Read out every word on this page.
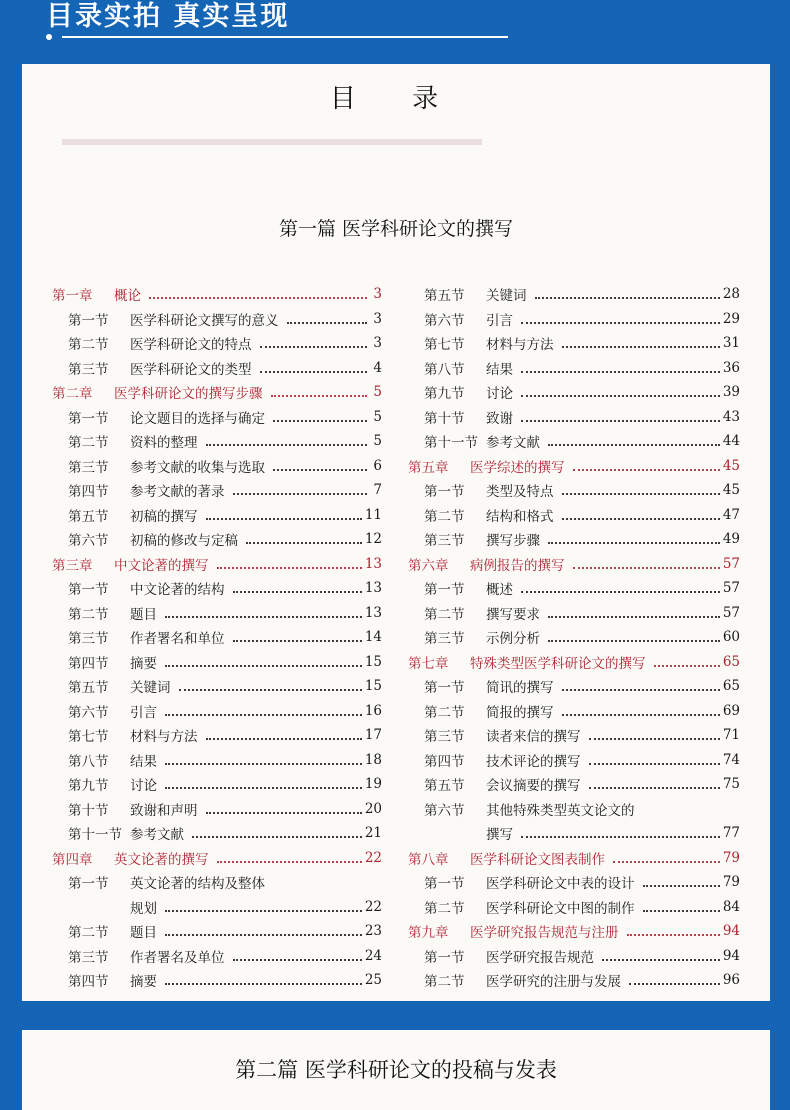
目录实拍 真实呈现
目 录
第一篇 医学科研论文的撰写
第一章	概论	3
第一节	医学科研论文撰写的意义	3
第二节	医学科研论文的特点	3
第三节	医学科研论文的类型	4
第二章	医学科研论文的撰写步骤	5
第一节	论文题目的选择与确定	5
第二节	资料的整理	5
第三节	参考文献的收集与选取	6
第四节	参考文献的著录	7
第五节	初稿的撰写	11
第六节	初稿的修改与定稿	12
第三章	中文论著的撰写	13
第一节	中文论著的结构	13
第二节	题目	13
第三节	作者署名和单位	14
第四节	摘要	15
第五节	关键词	15
第六节	引言	16
第七节	材料与方法	17
第八节	结果	18
第九节	讨论	19
第十节	致谢和声明	20
第十一节 参考文献	21
第四章	英文论著的撰写	22
第一节	英文论著的结构及整体
规划	22
第二节	题目	23
第三节	作者署名及单位	24
第四节	摘要	25
第五节	关键词	28
第六节	引言	29
第七节	材料与方法	31
第八节	结果	36
第九节	讨论	39
第十节	致谢	43
第十一节 参考文献	44
第五章	医学综述的撰写	45
第一节	类型及特点	45
第二节	结构和格式	47
第三节	撰写步骤	49
第六章	病例报告的撰写	57
第一节	概述	57
第二节	撰写要求	57
第三节	示例分析	60
第七章	特殊类型医学科研论文的撰写	65
第一节	简讯的撰写	65
第二节	简报的撰写	69
第三节	读者来信的撰写	71
第四节	技术评论的撰写	74
第五节	会议摘要的撰写	75
第六节	其他特殊类型英文论文的
撰写	77
第八章	医学科研论文图表制作	79
第一节	医学科研论文中表的设计	79
第二节	医学科研论文中图的制作	84
第九章	医学研究报告规范与注册	94
第一节	医学研究报告规范	94
第二节	医学研究的注册与发展	96
第二篇 医学科研论文的投稿与发表
